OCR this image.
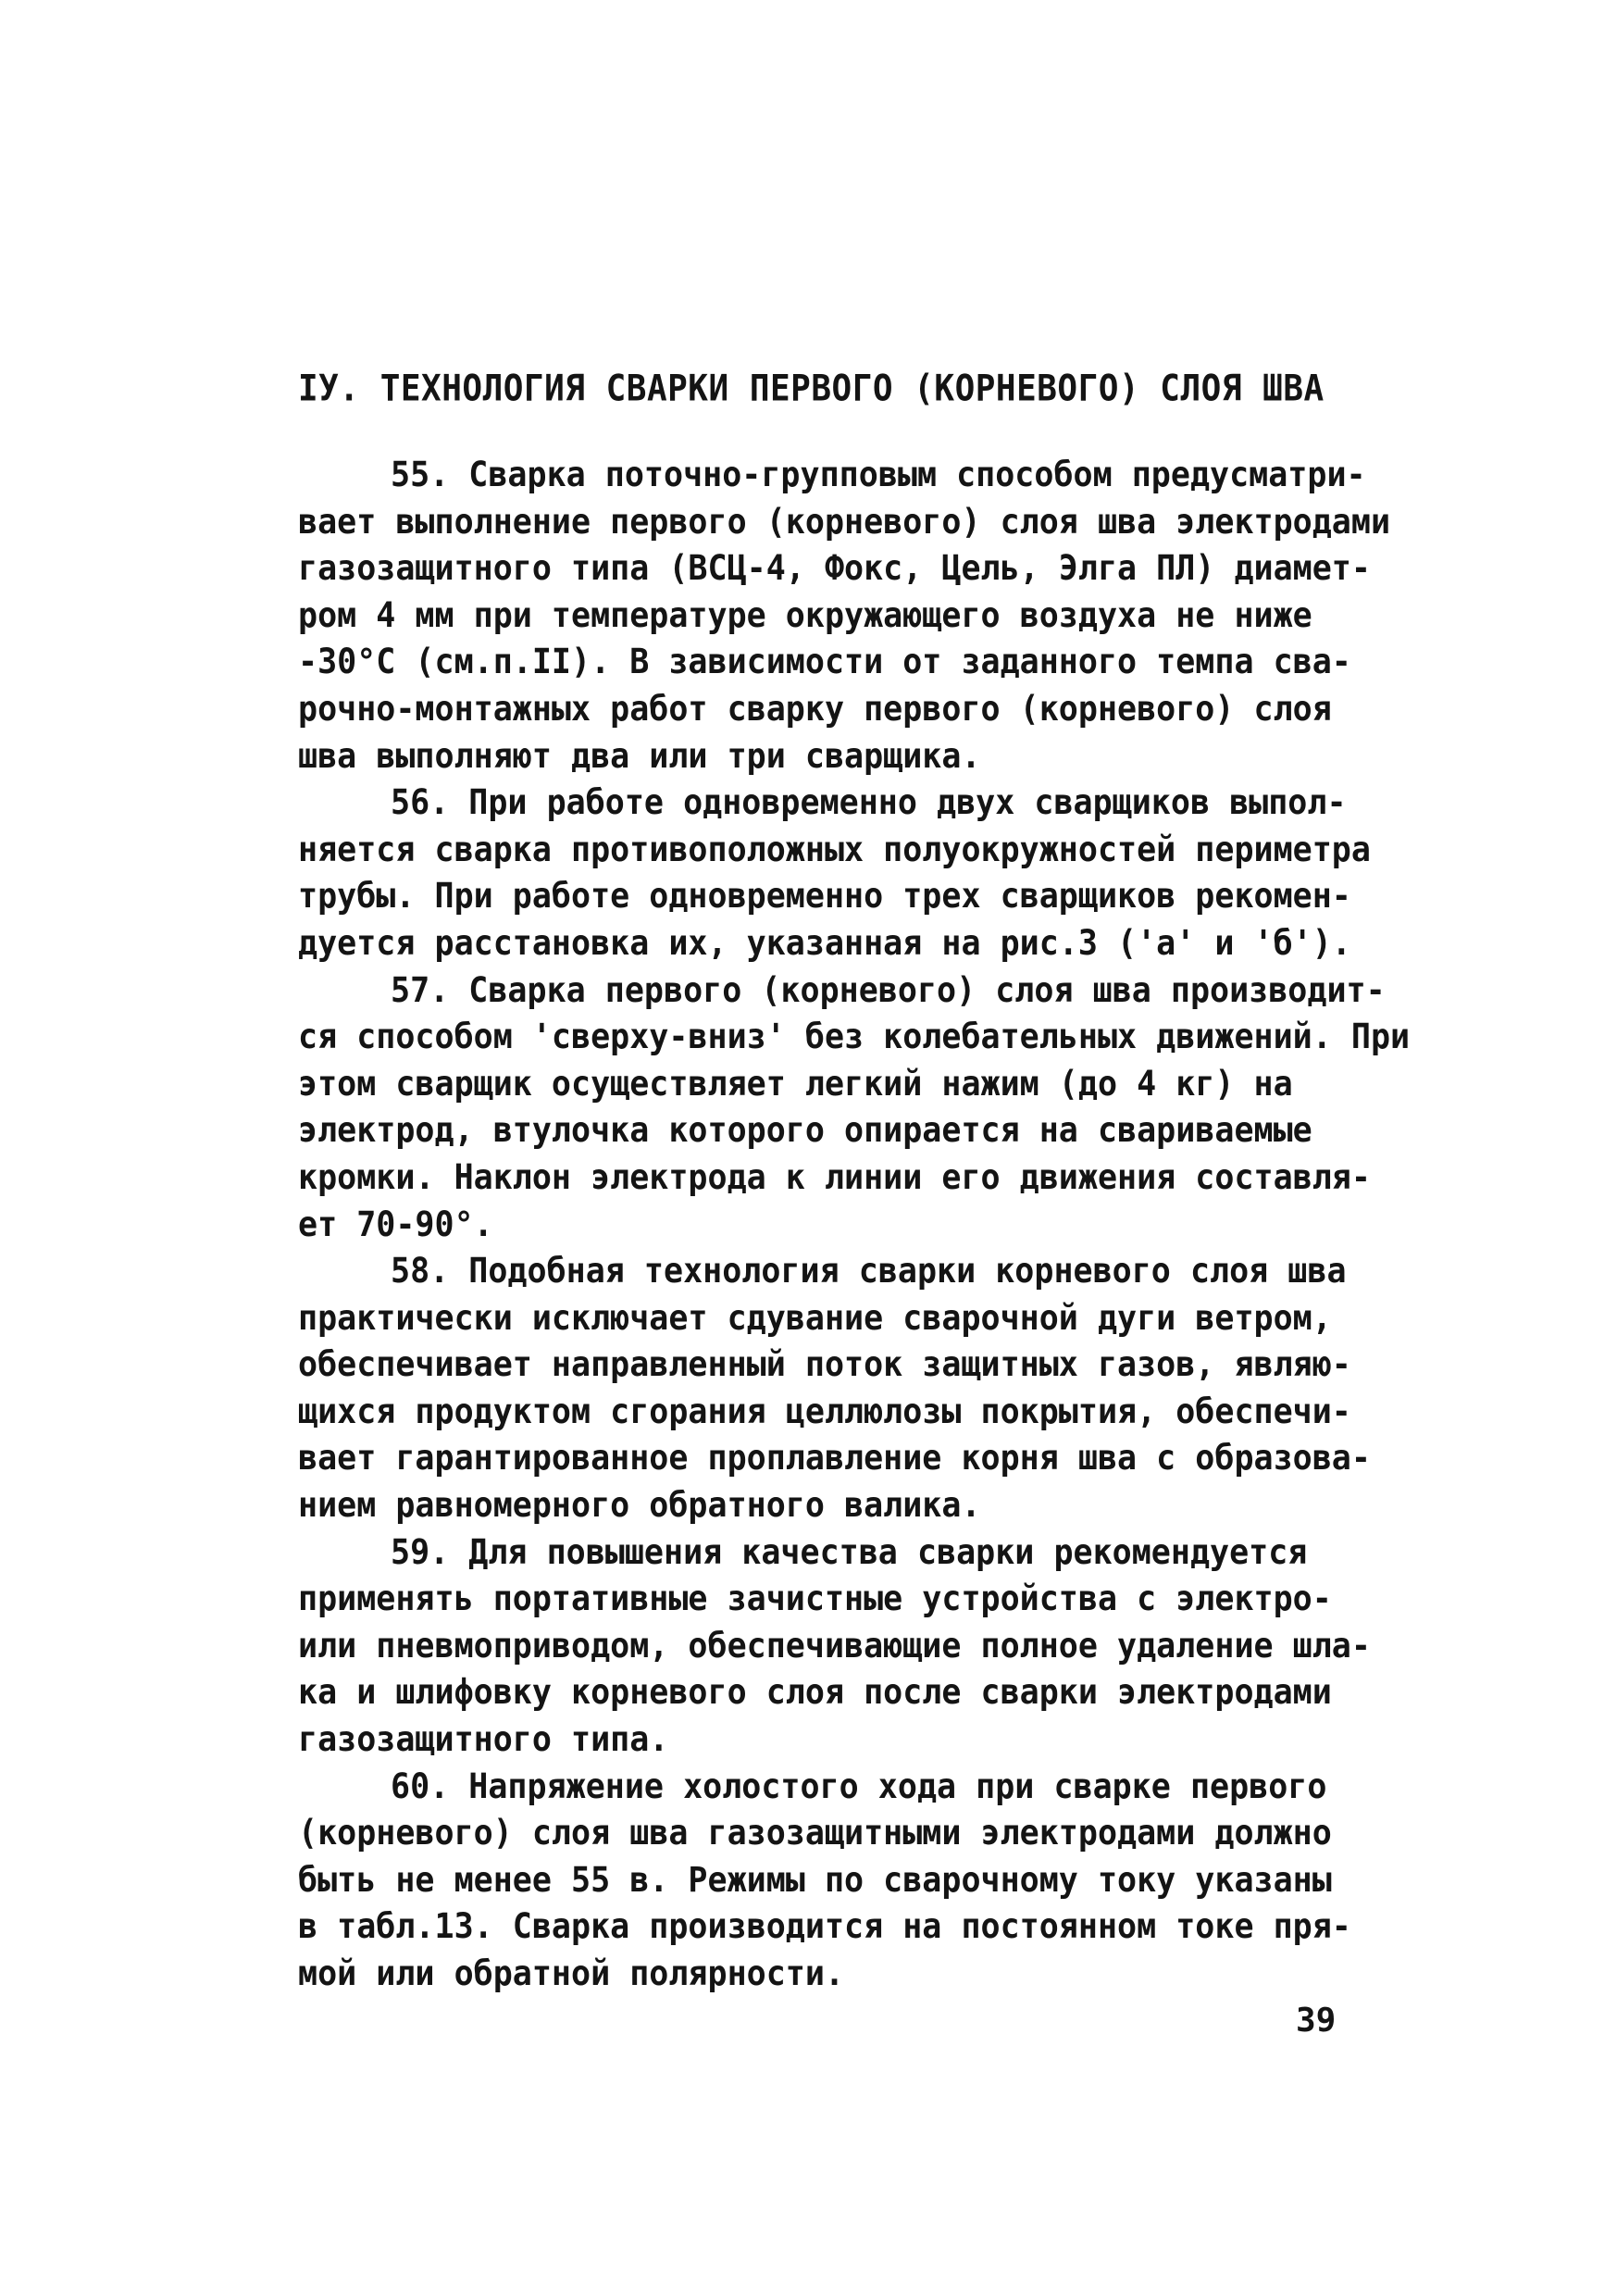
IУ. ТЕХНОЛОГИЯ СВАРКИ ПЕРВОГО (КОРНЕВОГО) СЛОЯ ШВА
55. Сварка поточно-групповым способом предусматри-
вает выполнение первого (корневого) слоя шва электродами
газозащитного типа (ВСЦ-4, Фокс, Цель, Элга ПЛ) диамет-
ром 4 мм при температуре окружающего воздуха не ниже
-30°С (см.п.II). В зависимости от заданного темпа сва-
рочно-монтажных работ сварку первого (корневого) слоя
шва выполняют два или три сварщика.
56. При работе одновременно двух сварщиков выпол-
няется сварка противоположных полуокружностей периметра
трубы. При работе одновременно трех сварщиков рекомен-
дуется расстановка их, указанная на рис.3 ('а' и 'б').
57. Сварка первого (корневого) слоя шва производит-
ся способом 'сверху-вниз' без колебательных движений. При
этом сварщик осуществляет легкий нажим (до 4 кг) на
электрод, втулочка которого опирается на свариваемые
кромки. Наклон электрода к линии его движения составля-
ет 70-90°.
58. Подобная технология сварки корневого слоя шва
практически исключает сдувание сварочной дуги ветром,
обеспечивает направленный поток защитных газов, являю-
щихся продуктом сгорания целлюлозы покрытия, обеспечи-
вает гарантированное проплавление корня шва с образова-
нием равномерного обратного валика.
59. Для повышения качества сварки рекомендуется
применять портативные зачистные устройства с электро-
или пневмоприводом, обеспечивающие полное удаление шла-
ка и шлифовку корневого слоя после сварки электродами
газозащитного типа.
60. Напряжение холостого хода при сварке первого
(корневого) слоя шва газозащитными электродами должно
быть не менее 55 в. Режимы по сварочному току указаны
в табл.13. Сварка производится на постоянном токе пря-
мой или обратной полярности.
39
